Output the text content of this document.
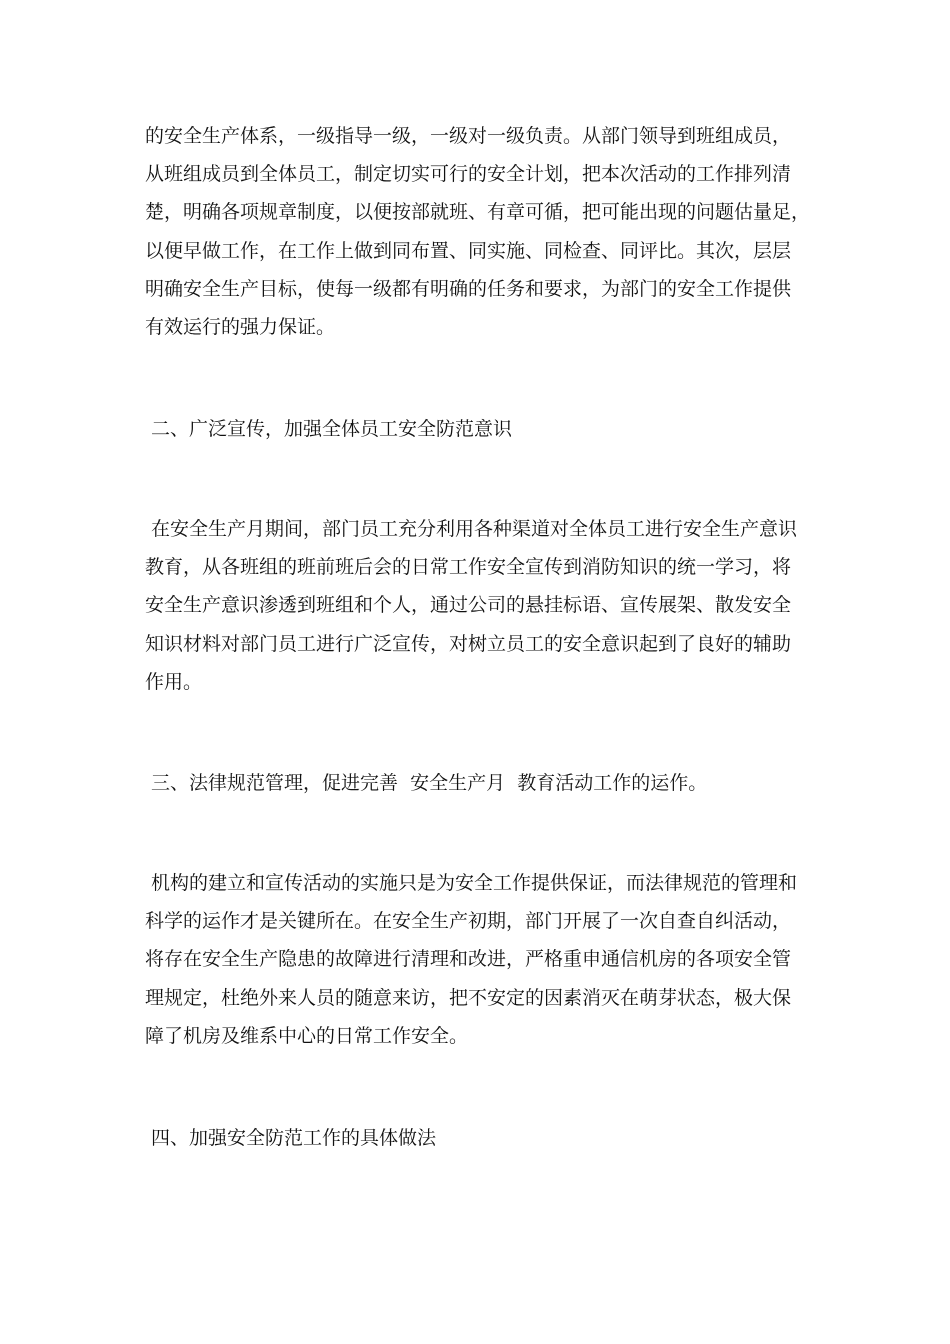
的安全生产体系，一级指导一级，一级对一级负责。从部门领导到班组成员，
从班组成员到全体员工，制定切实可行的安全计划，把本次活动的工作排列清
楚，明确各项规章制度，以便按部就班、有章可循，把可能出现的问题估量足，
以便早做工作，在工作上做到同布置、同实施、同检查、同评比。其次，层层
明确安全生产目标，使每一级都有明确的任务和要求，为部门的安全工作提供
有效运行的强力保证。
二、广泛宣传，加强全体员工安全防范意识
在安全生产月期间，部门员工充分利用各种渠道对全体员工进行安全生产意识
教育，从各班组的班前班后会的日常工作安全宣传到消防知识的统一学习，将
安全生产意识渗透到班组和个人，通过公司的悬挂标语、宣传展架、散发安全
知识材料对部门员工进行广泛宣传，对树立员工的安全意识起到了良好的辅助
作用。
三、法律规范管理，促进完善  安全生产月  教育活动工作的运作。
机构的建立和宣传活动的实施只是为安全工作提供保证，而法律规范的管理和
科学的运作才是关键所在。在安全生产初期，部门开展了一次自查自纠活动，
将存在安全生产隐患的故障进行清理和改进，严格重申通信机房的各项安全管
理规定，杜绝外来人员的随意来访，把不安定的因素消灭在萌芽状态，极大保
障了机房及维系中心的日常工作安全。
四、加强安全防范工作的具体做法
